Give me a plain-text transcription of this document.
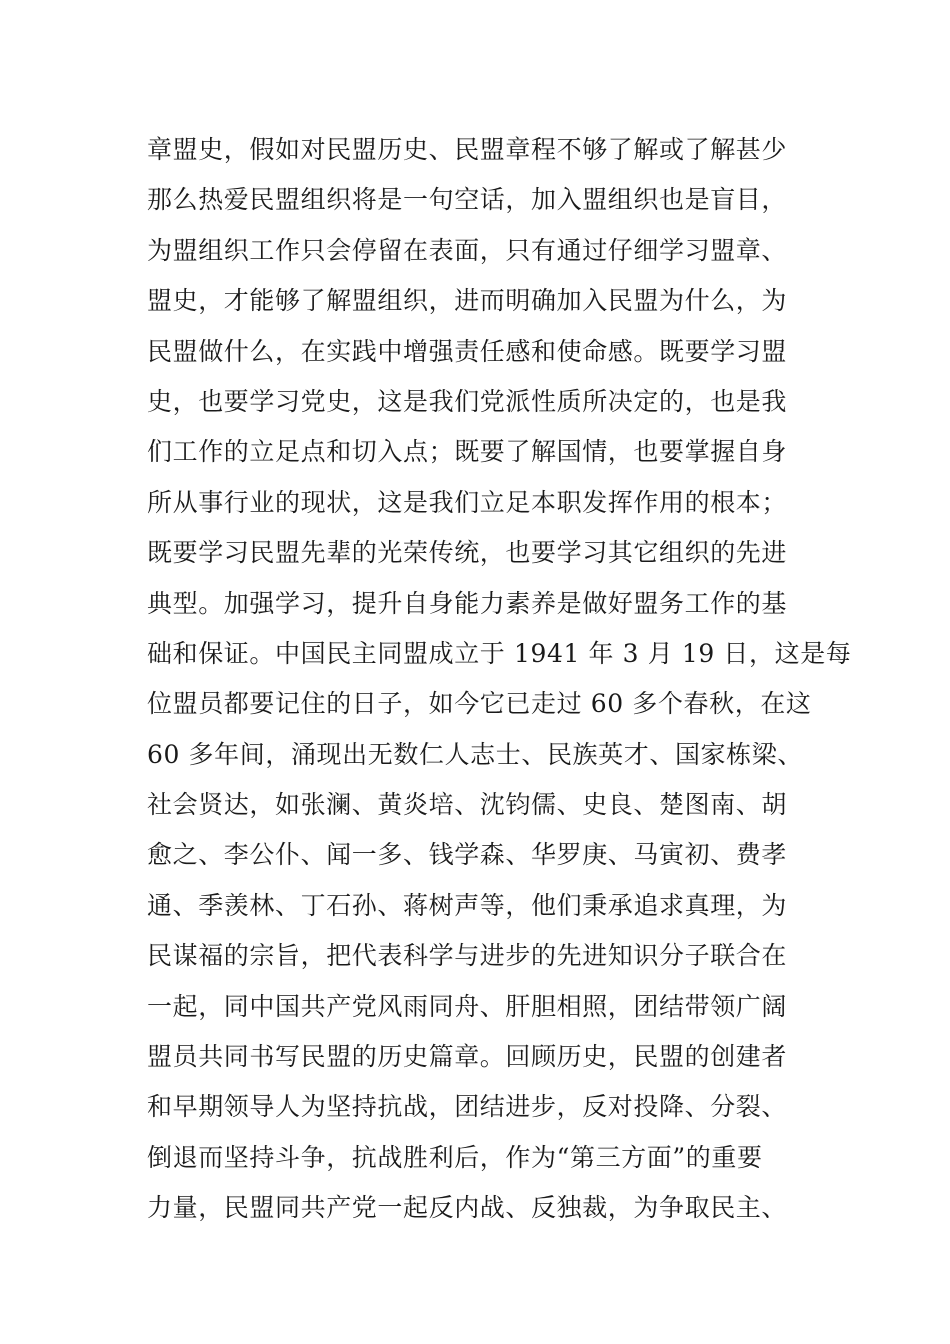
章盟史，假如对民盟历史、民盟章程不够了解或了解甚少
那么热爱民盟组织将是一句空话，加入盟组织也是盲目，
为盟组织工作只会停留在表面，只有通过仔细学习盟章、
盟史，才能够了解盟组织，进而明确加入民盟为什么，为
民盟做什么，在实践中增强责任感和使命感。既要学习盟
史，也要学习党史，这是我们党派性质所决定的，也是我
们工作的立足点和切入点；既要了解国情，也要掌握自身
所从事行业的现状，这是我们立足本职发挥作用的根本；
既要学习民盟先辈的光荣传统，也要学习其它组织的先进
典型。加强学习，提升自身能力素养是做好盟务工作的基
础和保证。中国民主同盟成立于 1941 年 3 月 19 日，这是每
位盟员都要记住的日子，如今它已走过 60 多个春秋，在这
60 多年间，涌现出无数仁人志士、民族英才、国家栋梁、
社会贤达，如张澜、黄炎培、沈钧儒、史良、楚图南、胡
愈之、李公仆、闻一多、钱学森、华罗庚、马寅初、费孝
通、季羡林、丁石孙、蒋树声等，他们秉承追求真理，为
民谋福的宗旨，把代表科学与进步的先进知识分子联合在
一起，同中国共产党风雨同舟、肝胆相照，团结带领广阔
盟员共同书写民盟的历史篇章。回顾历史，民盟的创建者
和早期领导人为坚持抗战，团结进步，反对投降、分裂、
倒退而坚持斗争，抗战胜利后，作为“第三方面”的重要
力量，民盟同共产党一起反内战、反独裁，为争取民主、
